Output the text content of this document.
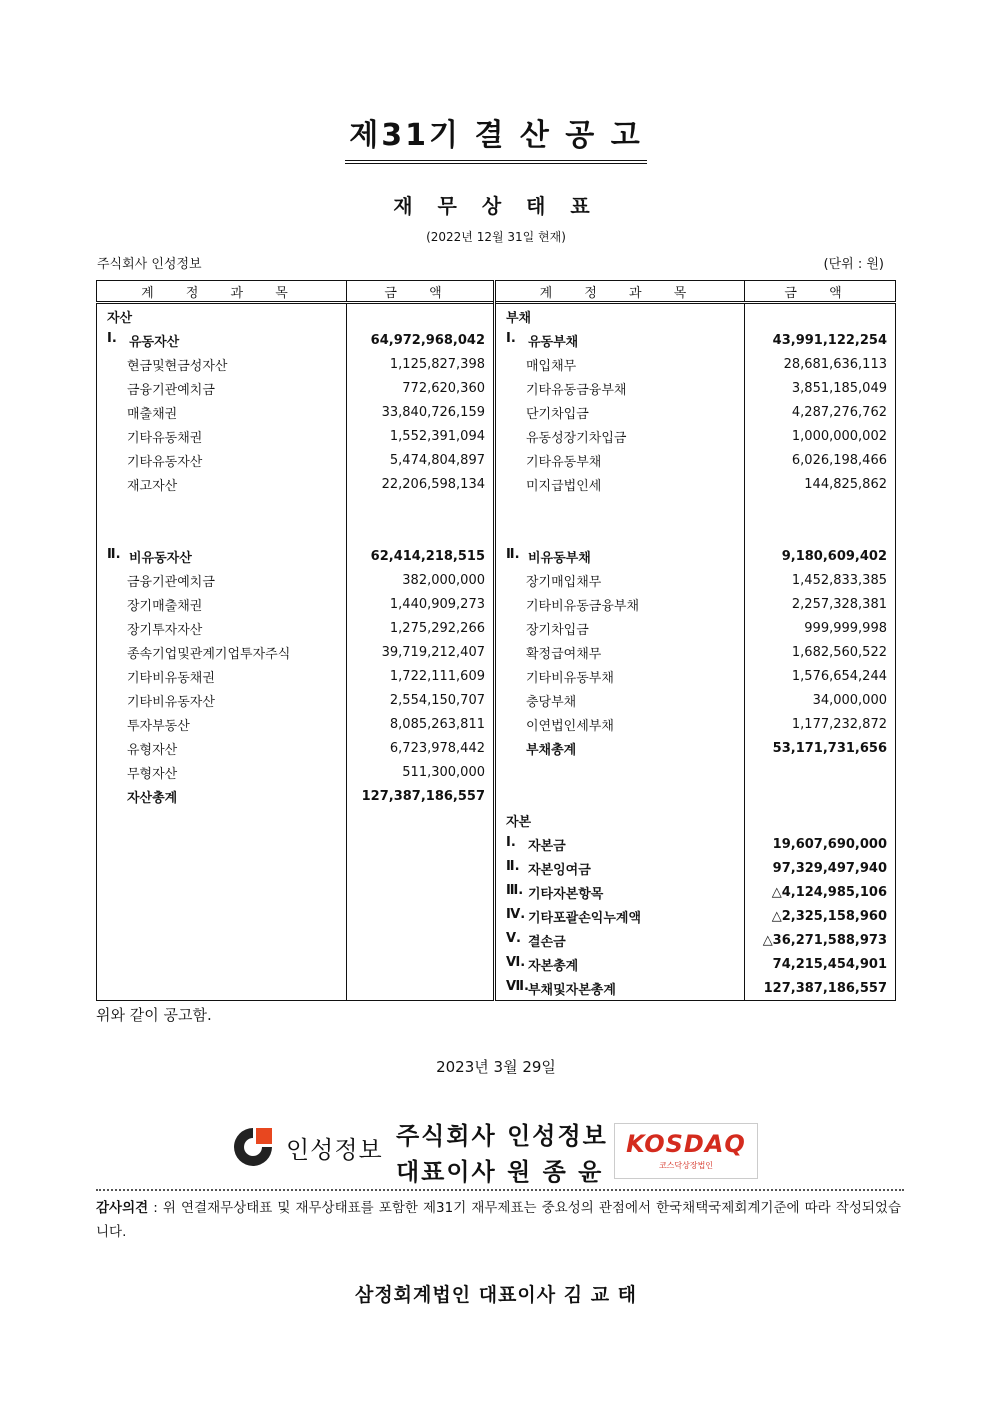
제31기 결 산 공 고
재 무 상 태 표
(2022년 12월 31일 현재)
주식회사 인성정보	(단위 : 원)
계 정 과 목	금 액	계 정 과 목	금 액

자산		부채	

Ⅰ. 유동자산	64,972,968,042	Ⅰ. 유동부채	43,991,122,254

현금및현금성자산	1,125,827,398	매입채무	28,681,636,113

금융기관예치금	772,620,360	기타유동금융부채	3,851,185,049

매출채권	33,840,726,159	단기차입금	4,287,276,762

기타유동채권	1,552,391,094	유동성장기차입금	1,000,000,002

기타유동자산	5,474,804,897	기타유동부채	6,026,198,466

재고자산	22,206,598,134	미지급법인세	144,825,862

Ⅱ. 비유동자산	62,414,218,515	Ⅱ. 비유동부채	9,180,609,402

금융기관예치금	382,000,000	장기매입채무	1,452,833,385

장기매출채권	1,440,909,273	기타비유동금융부채	2,257,328,381

장기투자자산	1,275,292,266	장기차입금	999,999,998

종속기업및관계기업투자주식	39,719,212,407	확정급여채무	1,682,560,522

기타비유동채권	1,722,111,609	기타비유동부채	1,576,654,244

기타비유동자산	2,554,150,707	충당부채	34,000,000

투자부동산	8,085,263,811	이연법인세부채	1,177,232,872

유형자산	6,723,978,442	부채총계	53,171,731,656

무형자산	511,300,000	

자산총계	127,387,186,557	

		자본	

		Ⅰ. 자본금	19,607,690,000

		Ⅱ. 자본잉여금	97,329,497,940

		Ⅲ. 기타자본항목	△4,124,985,106

		Ⅳ. 기타포괄손익누계액	△2,325,158,960

		Ⅴ. 결손금	△36,271,588,973

		Ⅵ. 자본총계	74,215,454,901

		Ⅶ. 부채및자본총계	127,387,186,557
위와 같이 공고함.
2023년 3월 29일
인성정보 주식회사 인성정보
대표이사 원 종 윤
KOSDAQ
코스닥상장법인
감사의견 : 위 연결재무상태표 및 재무상태표를 포함한 제31기 재무제표는 중요성의 관점에서 한국채택국제회계기준에 따라 작성되었습니다.
삼정회계법인 대표이사 김 교 태
